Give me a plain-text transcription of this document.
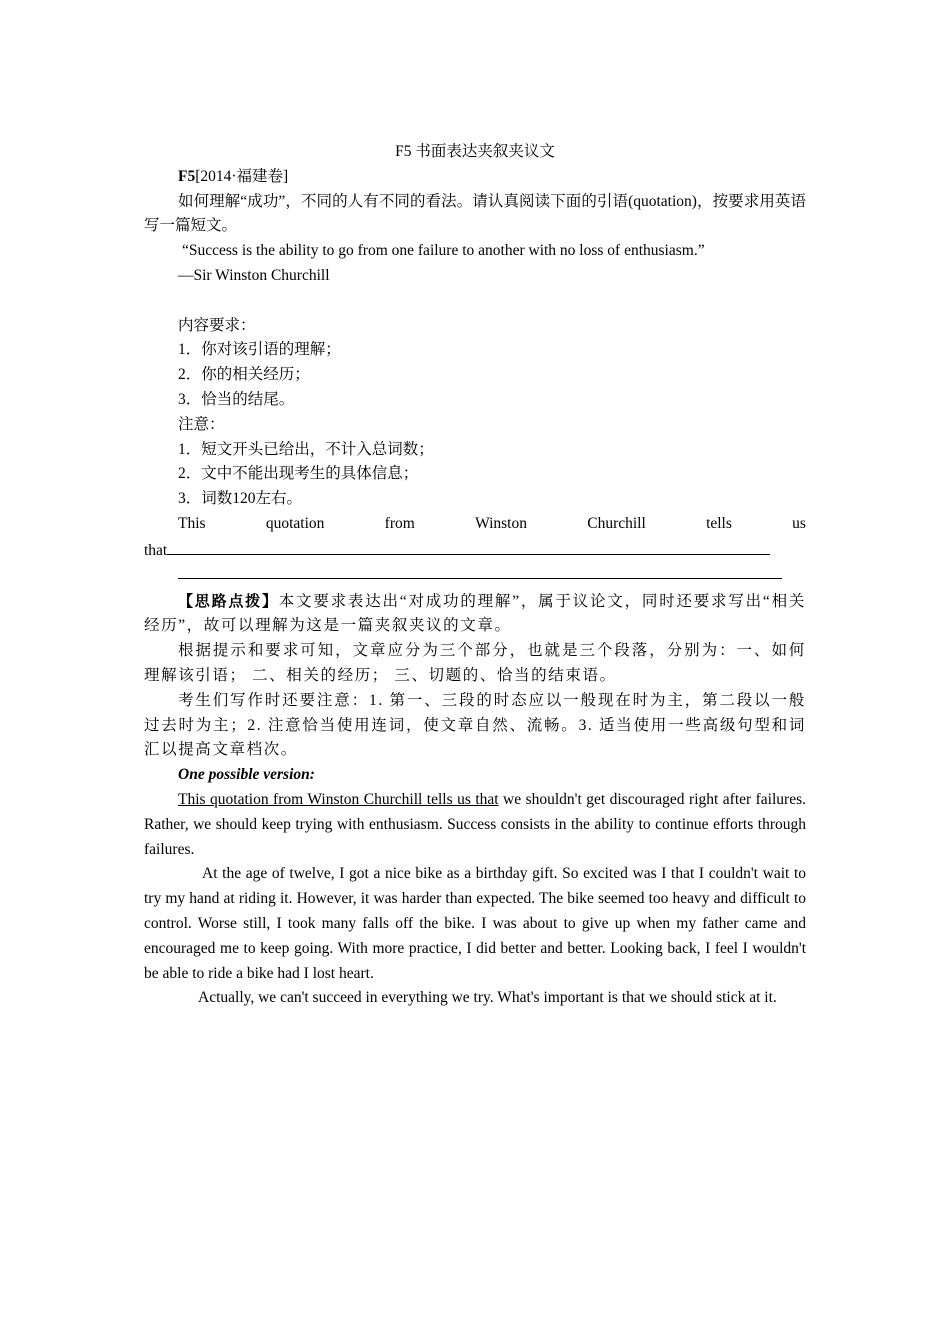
F5 书面表达夹叙夹议文
F5[2014·福建卷]
如何理解“成功”，不同的人有不同的看法。请认真阅读下面的引语(quotation)，按要求用英语写一篇短文。
“Success is the ability to go from one failure to another with no loss of enthusiasm.”
—Sir Winston Churchill
内容要求：
1．你对该引语的理解；
2．你的相关经历；
3．恰当的结尾。
注意：
1．短文开头已给出，不计入总词数；
2．文中不能出现考生的具体信息；
3．词数120左右。
This	quotation	from	Winston	Churchill	tells	us
that
【思路点拨】本文要求表达出“对成功的理解”，属于议论文，同时还要求写出“相关经历”，故可以理解为这是一篇夹叙夹议的文章。
根据提示和要求可知，文章应分为三个部分，也就是三个段落，分别为：一、如何理解该引语； 二、相关的经历； 三、切题的、恰当的结束语。
考生们写作时还要注意：1. 第一、三段的时态应以一般现在时为主，第二段以一般过去时为主；2. 注意恰当使用连词，使文章自然、流畅。3. 适当使用一些高级句型和词汇以提高文章档次。
One possible version:
This quotation from Winston Churchill tells us that we shouldn't get discouraged right after failures. Rather, we should keep trying with enthusiasm. Success consists in the ability to continue efforts through failures.
At the age of twelve, I got a nice bike as a birthday gift. So excited was I that I couldn't wait to try my hand at riding it. However, it was harder than expected. The bike seemed too heavy and difficult to control. Worse still, I took many falls off the bike. I was about to give up when my father came and encouraged me to keep going. With more practice, I did better and better. Looking back, I feel I wouldn't be able to ride a bike had I lost heart.
Actually, we can't succeed in everything we try. What's important is that we should stick at it.
